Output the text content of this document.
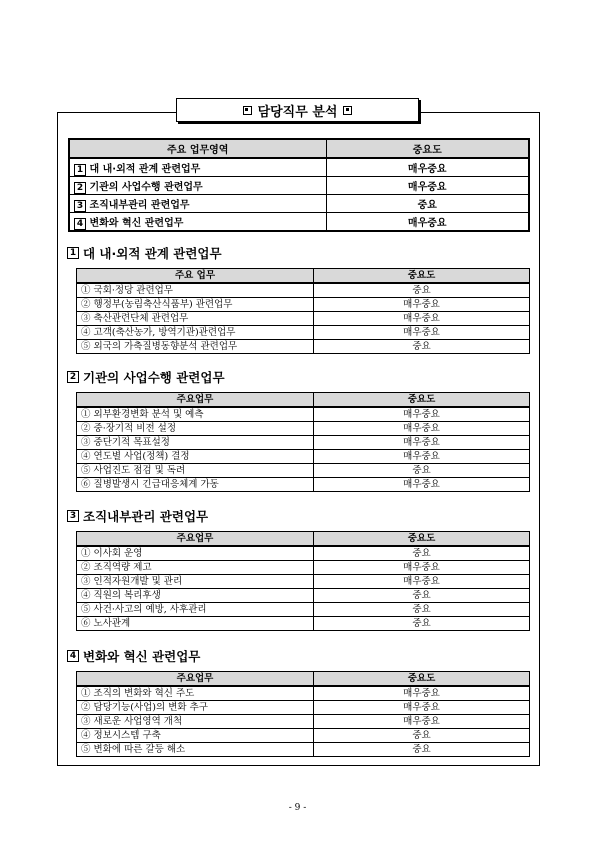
담당직무 분석
주요 업무영역	중요도
1 대 내·외적 관계 관련업무	매우중요
2 기관의 사업수행 관련업무	매우중요
3 조직내부관리 관련업무	중요
4 변화와 혁신 관련업무	매우중요
1 대 내·외적 관계 관련업무
주요 업무	중요도
① 국회·정당 관련업무	중요
② 행정부(농림축산식품부) 관련업무	매우중요
③ 축산관련단체 관련업무	매우중요
④ 고객(축산농가, 방역기관)관련업무	매우중요
⑤ 외국의 가축질병동향분석 관련업무	중요
2 기관의 사업수행 관련업무
주요업무	중요도
① 외부환경변화 분석 및 예측	매우중요
② 중·장기적 비전 설정	매우중요
③ 중단기적 목표설정	매우중요
④ 연도별 사업(정책) 결정	매우중요
⑤ 사업진도 점검 및 독려	중요
⑥ 질병발생시 긴급대응체계 가동	매우중요
3 조직내부관리 관련업무
주요업무	중요도
① 이사회 운영	중요
② 조직역량 제고	매우중요
③ 인적자원개발 및 관리	매우중요
④ 직원의 복리후생	중요
⑤ 사건·사고의 예방, 사후관리	중요
⑥ 노사관계	중요
4 변화와 혁신 관련업무
주요업무	중요도
① 조직의 변화와 혁신 주도	매우중요
② 담당기능(사업)의 변화 추구	매우중요
③ 새로운 사업영역 개척	매우중요
④ 정보시스템 구축	중요
⑤ 변화에 따른 갈등 해소	중요
- 9 -
